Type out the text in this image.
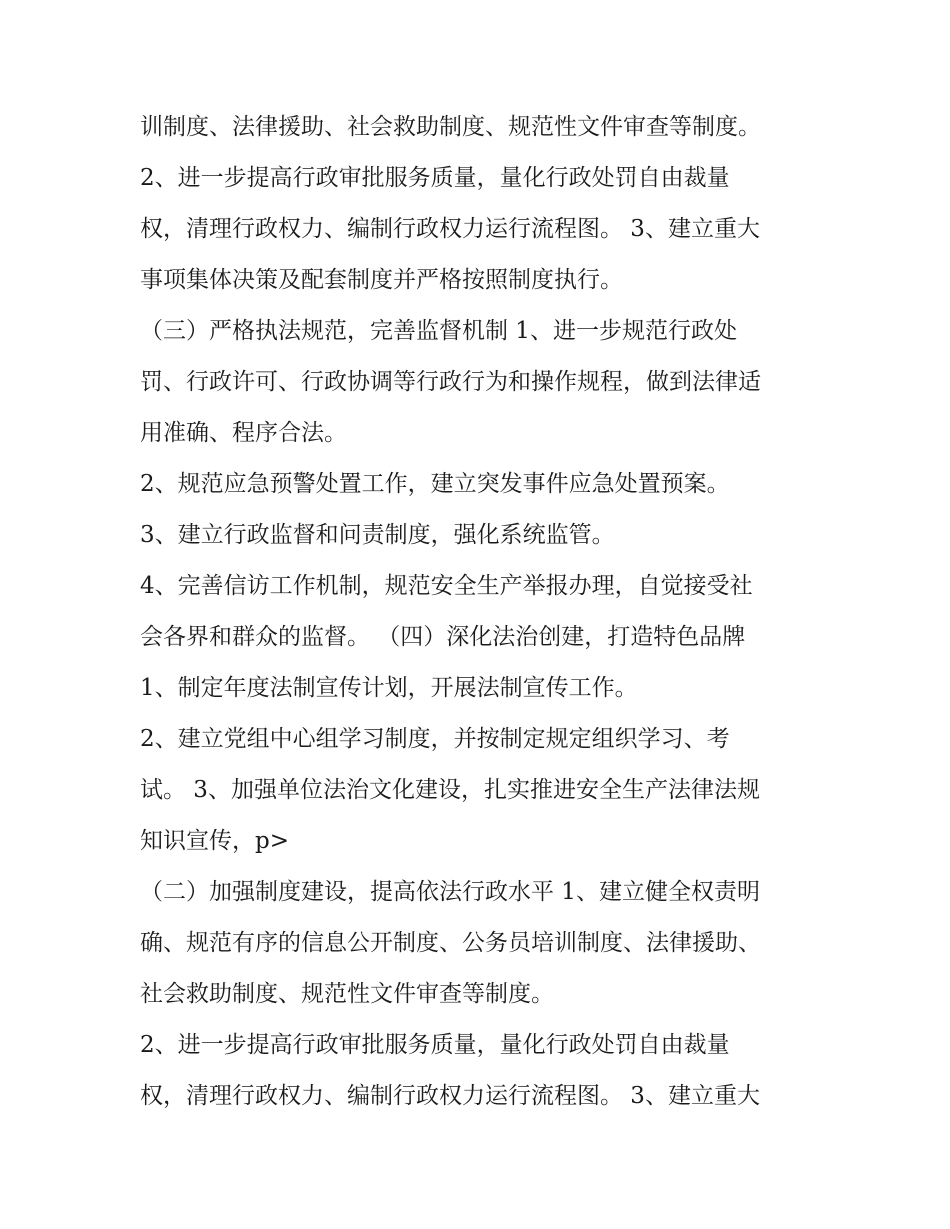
训制度、法律援助、社会救助制度、规范性文件审查等制度。
2、进一步提高行政审批服务质量，量化行政处罚自由裁量
权，清理行政权力、编制行政权力运行流程图。 3、建立重大
事项集体决策及配套制度并严格按照制度执行。
（三）严格执法规范，完善监督机制 1、进一步规范行政处
罚、行政许可、行政协调等行政行为和操作规程，做到法律适
用准确、程序合法。
2、规范应急预警处置工作，建立突发事件应急处置预案。
3、建立行政监督和问责制度，强化系统监管。
4、完善信访工作机制，规范安全生产举报办理，自觉接受社
会各界和群众的监督。 （四）深化法治创建，打造特色品牌
1、制定年度法制宣传计划，开展法制宣传工作。
2、建立党组中心组学习制度，并按制定规定组织学习、考
试。 3、加强单位法治文化建设，扎实推进安全生产法律法规
知识宣传，p>
（二）加强制度建设，提高依法行政水平 1、建立健全权责明
确、规范有序的信息公开制度、公务员培训制度、法律援助、
社会救助制度、规范性文件审查等制度。
2、进一步提高行政审批服务质量，量化行政处罚自由裁量
权，清理行政权力、编制行政权力运行流程图。 3、建立重大
